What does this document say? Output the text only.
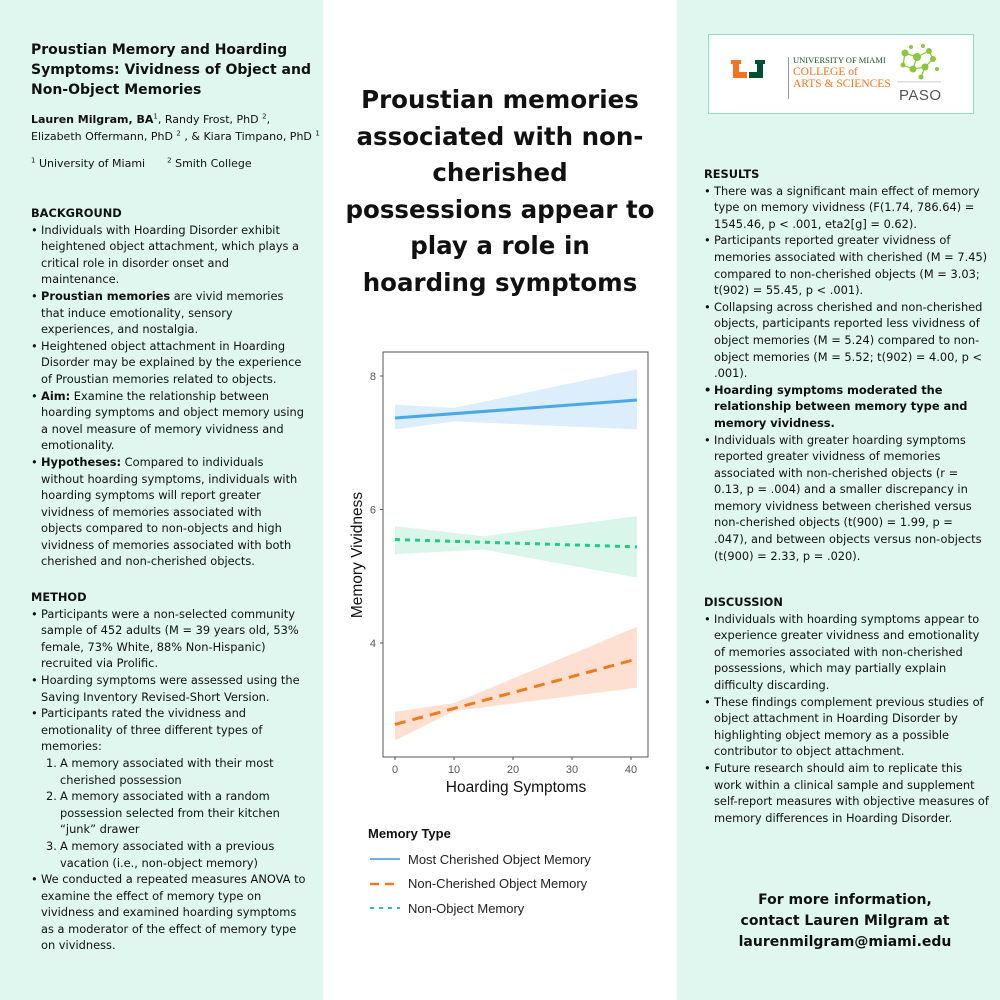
Proustian Memory and Hoarding Symptoms: Vividness of Object and Non-Object Memories
Lauren Milgram, $BA^1$, Randy Frost, PhD $^2$,
Elizabeth Offermann, PhD $^2$ , & Kiara Timpano, PhD $^1$
$^1$ University of Miami	$^2$ Smith College
BACKGROUND
• Individuals with Hoarding Disorder exhibit heightened object attachment, which plays a critical role in disorder onset and maintenance.
• Proustian memories are vivid memories that induce emotionality, sensory experiences, and nostalgia.
• Heightened object attachment in Hoarding Disorder may be explained by the experience of Proustian memories related to objects.
• Aim: Examine the relationship between hoarding symptoms and object memory using a novel measure of memory vividness and emotionality.
• Hypotheses: Compared to individuals without hoarding symptoms, individuals with hoarding symptoms will report greater vividness of memories associated with objects compared to non-objects and high vividness of memories associated with both cherished and non-cherished objects.
METHOD
• Participants were a non-selected community sample of 452 adults (M = 39 years old, 53% female, 73% White, 88% Non-Hispanic) recruited via Prolific.
• Hoarding symptoms were assessed using the Saving Inventory Revised-Short Version.
• Participants rated the vividness and emotionality of three different types of memories:
1. A memory associated with their most cherished possession
2. A memory associated with a random possession selected from their kitchen “junk” drawer
3. A memory associated with a previous vacation (i.e., non-object memory)
• We conducted a repeated measures ANOVA to examine the effect of memory type on vividness and examined hoarding symptoms as a moderator of the effect of memory type on vividness.
Proustian memories associated with non-cherished possessions appear to play a role in hoarding symptoms
4
6
8
0	10	20	30	40
Hoarding Symptoms
Memory Vividness
Memory Type
Most Cherished Object Memory
Non-Cherished Object Memory
Non-Object Memory
UNIVERSITY OF MIAMI
COLLEGE of
ARTS & SCIENCES
PASO
RESULTS
• There was a significant main effect of memory type on memory vividness (F(1.74, 786.64) = 1545.46, p < .001, eta2[g] = 0.62).
• Participants reported greater vividness of memories associated with cherished (M = 7.45) compared to non-cherished objects (M = 3.03; t(902) = 55.45, p < .001).
• Collapsing across cherished and non-cherished objects, participants reported less vividness of object memories (M = 5.24) compared to non-object memories (M = 5.52; t(902) = 4.00, p < .001).
• Hoarding symptoms moderated the relationship between memory type and memory vividness.
• Individuals with greater hoarding symptoms reported greater vividness of memories associated with non-cherished objects (r = 0.13, p = .004) and a smaller discrepancy in memory vividness between cherished versus non-cherished objects (t(900) = 1.99, p = .047), and between objects versus non-objects (t(900) = 2.33, p = .020).
DISCUSSION
• Individuals with hoarding symptoms appear to experience greater vividness and emotionality of memories associated with non-cherished possessions, which may partially explain difficulty discarding.
• These findings complement previous studies of object attachment in Hoarding Disorder by highlighting object memory as a possible contributor to object attachment.
• Future research should aim to replicate this work within a clinical sample and supplement self-report measures with objective measures of memory differences in Hoarding Disorder.
For more information,
contact Lauren Milgram at
laurenmilgram@miami.edu
